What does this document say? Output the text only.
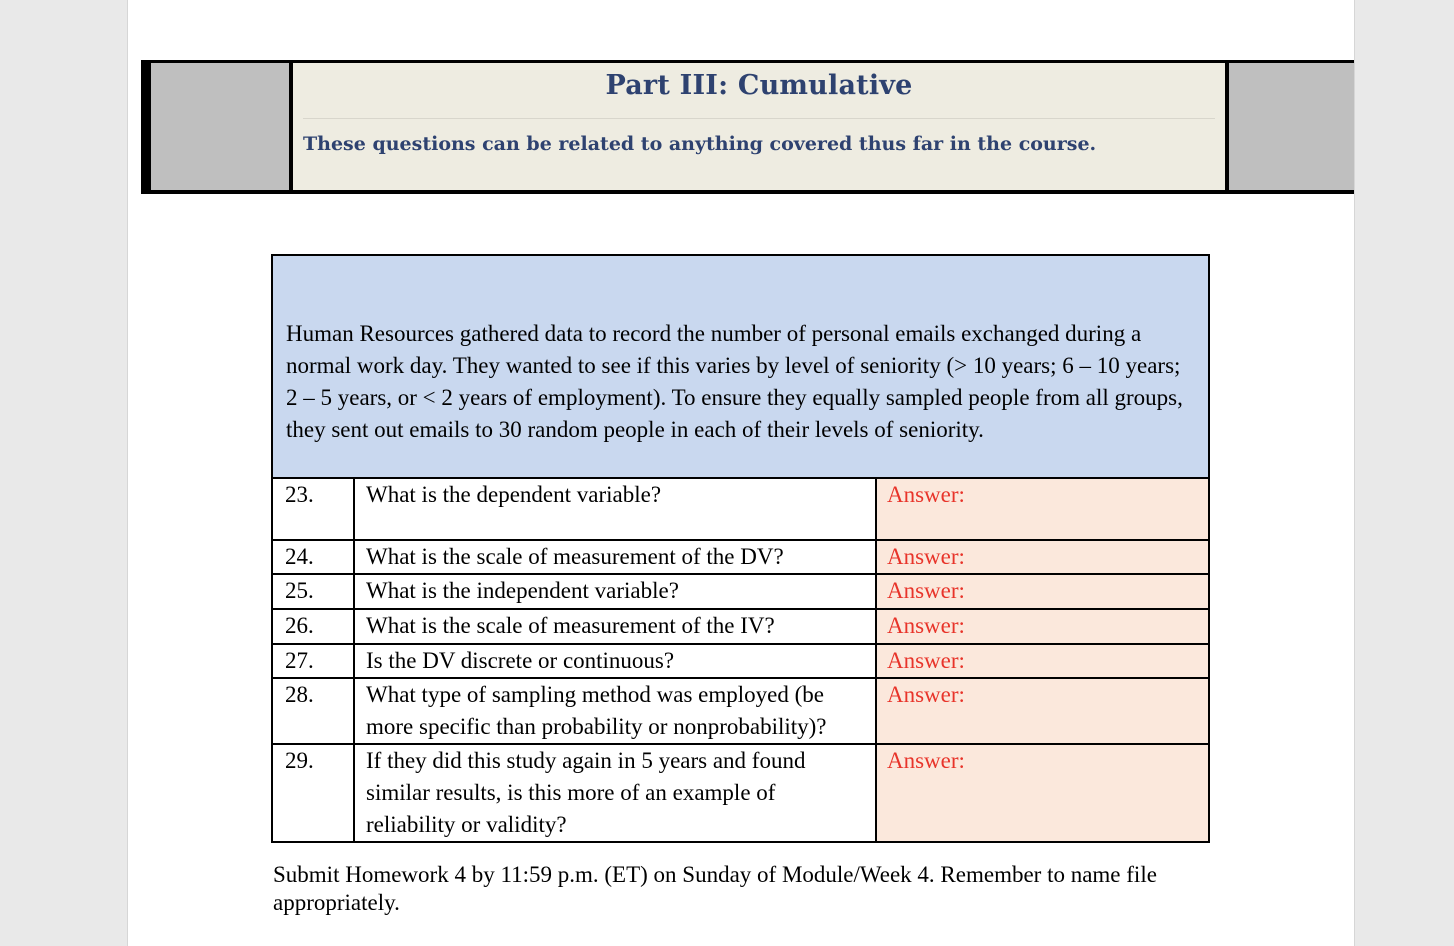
Part III: Cumulative
These questions can be related to anything covered thus far in the course.
Human Resources gathered data to record the number of personal emails exchanged during a normal work day. They wanted to see if this varies by level of seniority (> 10 years; 6 – 10 years; 2 – 5 years, or < 2 years of employment). To ensure they equally sampled people from all groups, they sent out emails to 30 random people in each of their levels of seniority.		

23.	What is the dependent variable?	Answer:
24.	What is the scale of measurement of the DV?	Answer:
25.	What is the independent variable?	Answer:
26.	What is the scale of measurement of the IV?	Answer:
27.	Is the DV discrete or continuous?	Answer:
28.	What type of sampling method was employed (be more specific than probability or nonprobability)?	Answer:
29.	If they did this study again in 5 years and found similar results, is this more of an example of reliability or validity?	Answer:
Submit Homework 4 by 11:59 p.m. (ET) on Sunday of Module/Week 4. Remember to name file appropriately.
